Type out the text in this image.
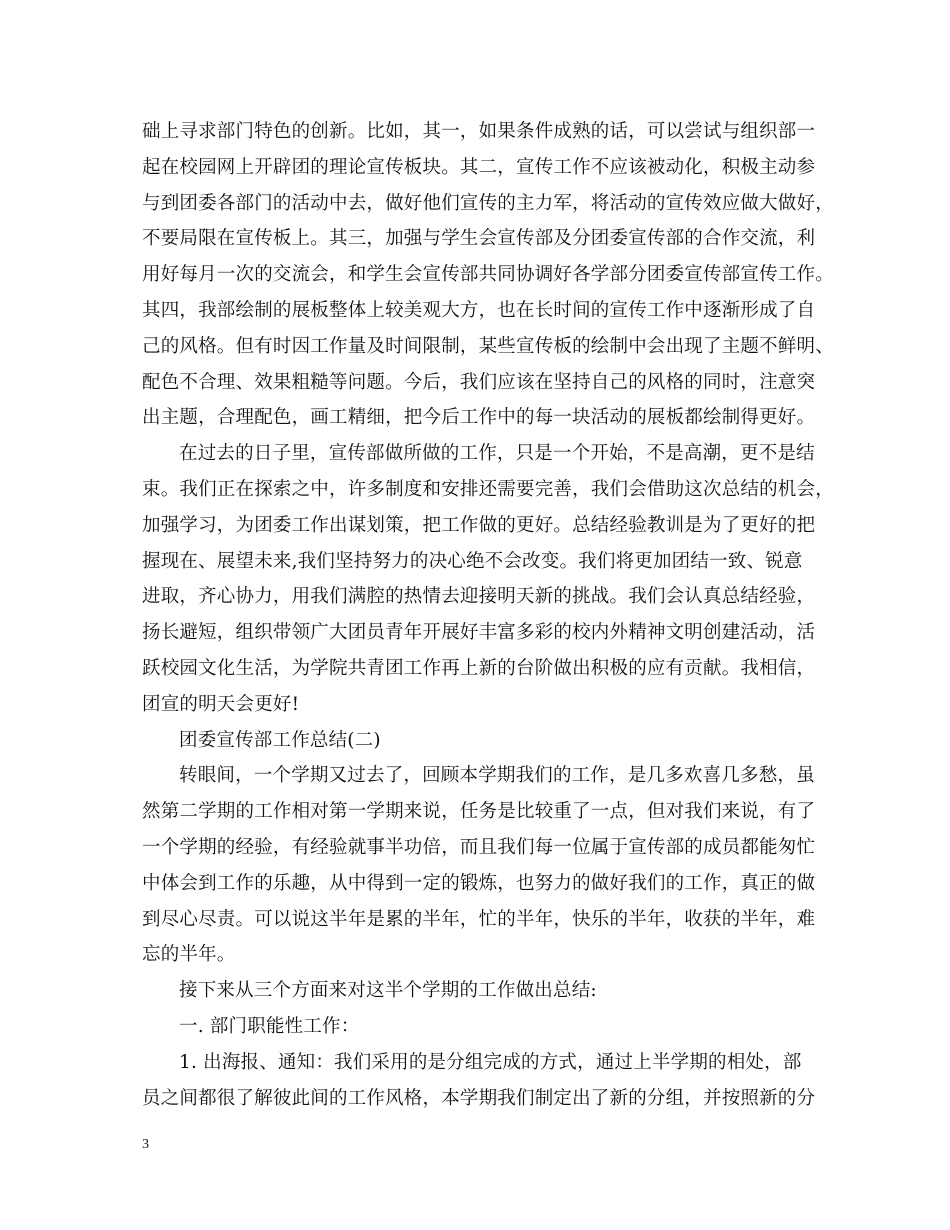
础上寻求部门特色的创新。比如，其一，如果条件成熟的话，可以尝试与组织部一
起在校园网上开辟团的理论宣传板块。其二，宣传工作不应该被动化，积极主动参
与到团委各部门的活动中去，做好他们宣传的主力军，将活动的宣传效应做大做好，
不要局限在宣传板上。其三，加强与学生会宣传部及分团委宣传部的合作交流，利
用好每月一次的交流会，和学生会宣传部共同协调好各学部分团委宣传部宣传工作。
其四，我部绘制的展板整体上较美观大方，也在长时间的宣传工作中逐渐形成了自
己的风格。但有时因工作量及时间限制，某些宣传板的绘制中会出现了主题不鲜明、
配色不合理、效果粗糙等问题。今后，我们应该在坚持自己的风格的同时，注意突
出主题，合理配色，画工精细，把今后工作中的每一块活动的展板都绘制得更好。
在过去的日子里，宣传部做所做的工作，只是一个开始，不是高潮，更不是结
束。我们正在探索之中，许多制度和安排还需要完善，我们会借助这次总结的机会，
加强学习，为团委工作出谋划策，把工作做的更好。总结经验教训是为了更好的把
握现在、展望未来,我们坚持努力的决心绝不会改变。我们将更加团结一致、锐意
进取，齐心协力，用我们满腔的热情去迎接明天新的挑战。我们会认真总结经验，
扬长避短，组织带领广大团员青年开展好丰富多彩的校内外精神文明创建活动，活
跃校园文化生活，为学院共青团工作再上新的台阶做出积极的应有贡献。我相信，
团宣的明天会更好!
团委宣传部工作总结(二)
转眼间，一个学期又过去了，回顾本学期我们的工作，是几多欢喜几多愁，虽
然第二学期的工作相对第一学期来说，任务是比较重了一点，但对我们来说，有了
一个学期的经验，有经验就事半功倍，而且我们每一位属于宣传部的成员都能匆忙
中体会到工作的乐趣，从中得到一定的锻炼，也努力的做好我们的工作，真正的做
到尽心尽责。可以说这半年是累的半年，忙的半年，快乐的半年，收获的半年，难
忘的半年。
接下来从三个方面来对这半个学期的工作做出总结:
一. 部门职能性工作：
1. 出海报、通知：我们采用的是分组完成的方式，通过上半学期的相处，部
员之间都很了解彼此间的工作风格，本学期我们制定出了新的分组，并按照新的分
3
